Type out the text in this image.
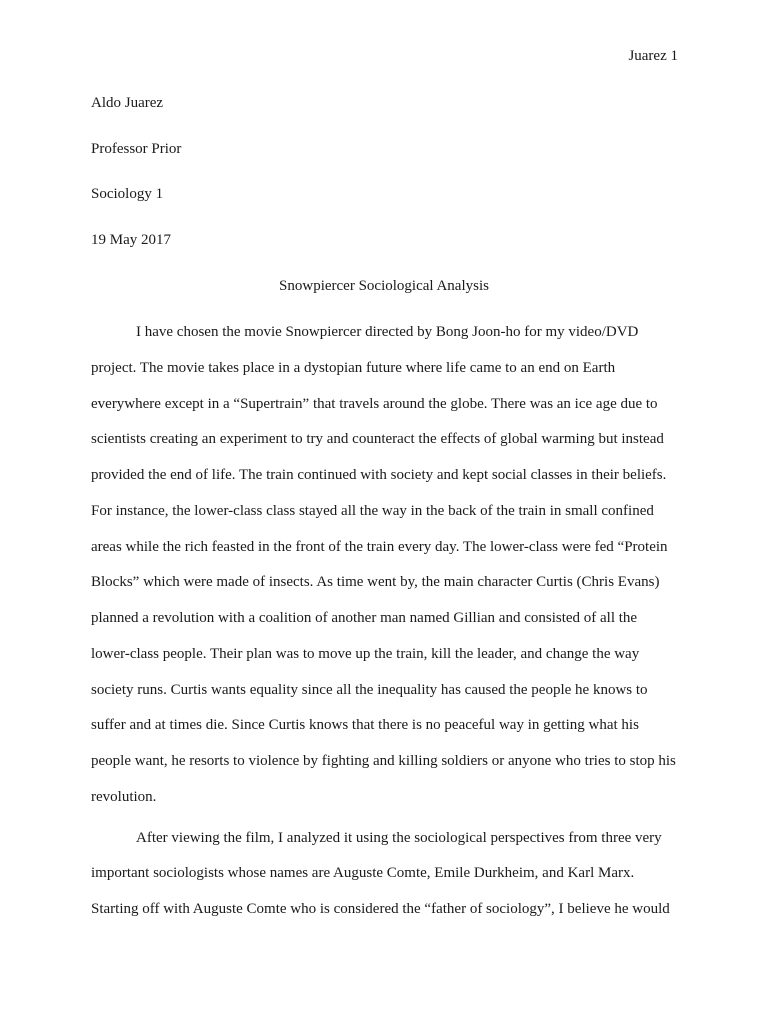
Juarez 1
Aldo Juarez
Professor Prior
Sociology 1
19 May 2017
Snowpiercer Sociological Analysis
I have chosen the movie Snowpiercer directed by Bong Joon-ho for my video/DVD
project. The movie takes place in a dystopian future where life came to an end on Earth
everywhere except in a “Supertrain” that travels around the globe. There was an ice age due to
scientists creating an experiment to try and counteract the effects of global warming but instead
provided the end of life. The train continued with society and kept social classes in their beliefs.
For instance, the lower-class class stayed all the way in the back of the train in small confined
areas while the rich feasted in the front of the train every day. The lower-class were fed “Protein
Blocks” which were made of insects. As time went by, the main character Curtis (Chris Evans)
planned a revolution with a coalition of another man named Gillian and consisted of all the
lower-class people. Their plan was to move up the train, kill the leader, and change the way
society runs. Curtis wants equality since all the inequality has caused the people he knows to
suffer and at times die. Since Curtis knows that there is no peaceful way in getting what his
people want, he resorts to violence by fighting and killing soldiers or anyone who tries to stop his
revolution.
After viewing the film, I analyzed it using the sociological perspectives from three very
important sociologists whose names are Auguste Comte, Emile Durkheim, and Karl Marx.
Starting off with Auguste Comte who is considered the “father of sociology”, I believe he would
